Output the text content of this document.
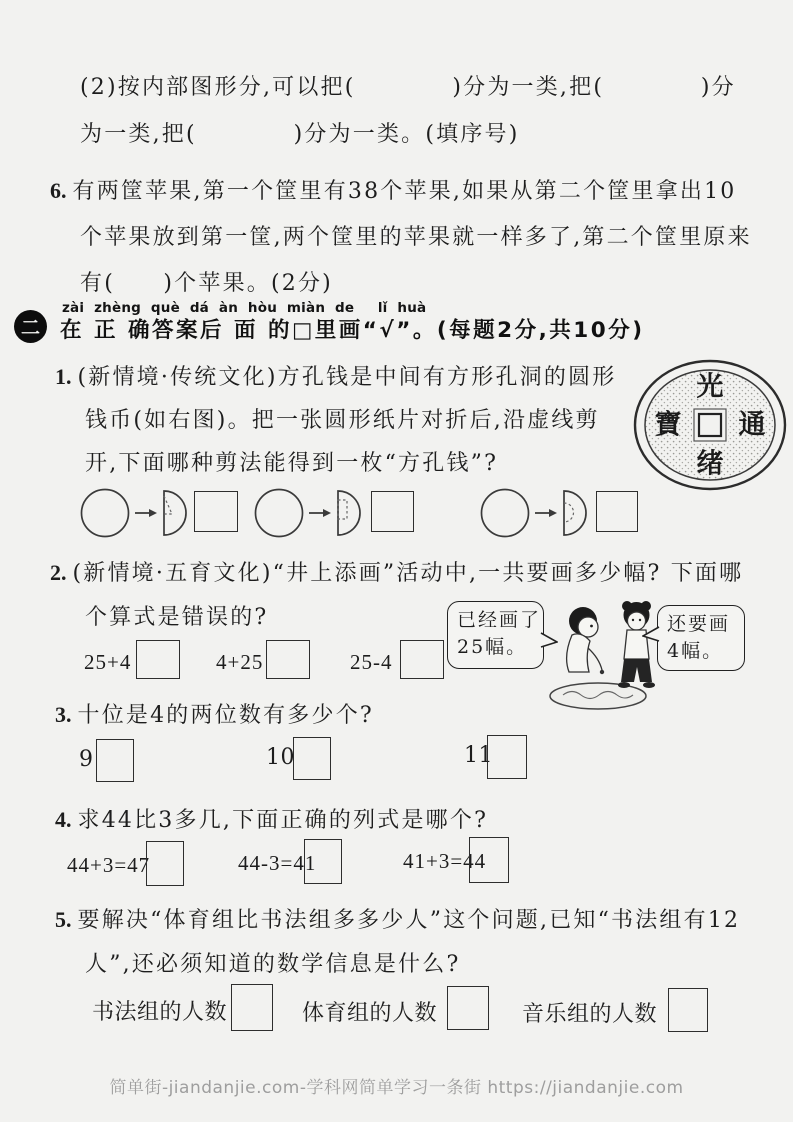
(2)按内部图形分,可以把(　　　　)分为一类,把(　　　　)分
为一类,把(　　　　)分为一类。(填序号)
6. 有两筐苹果,第一个筐里有38个苹果,如果从第二个筐里拿出10
个苹果放到第一筐,两个筐里的苹果就一样多了,第二个筐里原来
有(　　)个苹果。(2分)
二
zài zhèng què dá àn hòu miàn de　 lǐ huà
在 正 确答案后 面 的□里画“√”。(每题2分,共10分)
1. (新情境·传统文化)方孔钱是中间有方形孔洞的圆形
钱币(如右图)。把一张圆形纸片对折后,沿虚线剪
开,下面哪种剪法能得到一枚“方孔钱”?
光
通
绪
寶
2. (新情境·五育文化)“井上添画”活动中,一共要画多少幅? 下面哪
个算式是错误的?
25+4	4+25	25-4
已经画了
25幅。
还要画
4幅。
3. 十位是4的两位数有多少个?
9	10	11
4. 求44比3多几,下面正确的列式是哪个?
44+3=47	44-3=41	41+3=44
5. 要解决“体育组比书法组多多少人”这个问题,已知“书法组有12
人”,还必须知道的数学信息是什么?
书法组的人数	体育组的人数	音乐组的人数
简单街-jiandanjie.com-学科网简单学习一条街 https://jiandanjie.com
